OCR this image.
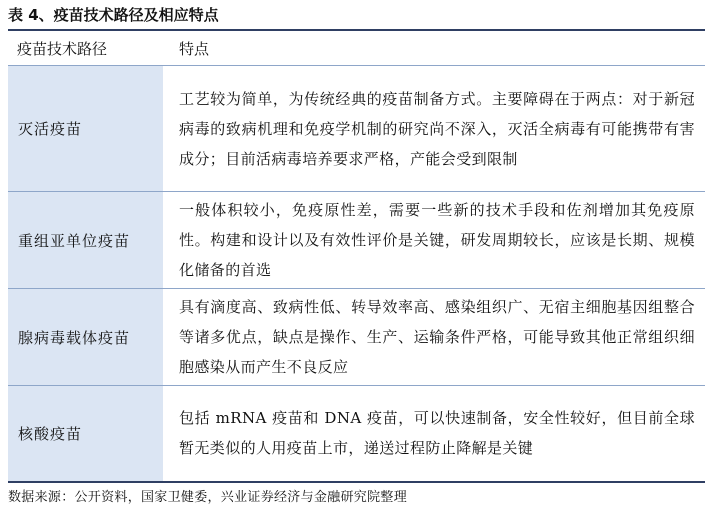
表 4、疫苗技术路径及相应特点
疫苗技术路径	特点
灭活疫苗	工艺较为简单，为传统经典的疫苗制备方式。主要障碍在于两点：对于新冠病毒的致病机理和免疫学机制的研究尚不深入，灭活全病毒有可能携带有害成分；目前活病毒培养要求严格，产能会受到限制
重组亚单位疫苗	一般体积较小，免疫原性差，需要一些新的技术手段和佐剂增加其免疫原性。构建和设计以及有效性评价是关键，研发周期较长，应该是长期、规模化储备的首选
腺病毒载体疫苗	具有滴度高、致病性低、转导效率高、感染组织广、无宿主细胞基因组整合等诸多优点，缺点是操作、生产、运输条件严格，可能导致其他正常组织细胞感染从而产生不良反应
核酸疫苗	包括 mRNA 疫苗和 DNA 疫苗，可以快速制备，安全性较好，但目前全球暂无类似的人用疫苗上市，递送过程防止降解是关键
数据来源：公开资料，国家卫健委，兴业证券经济与金融研究院整理
